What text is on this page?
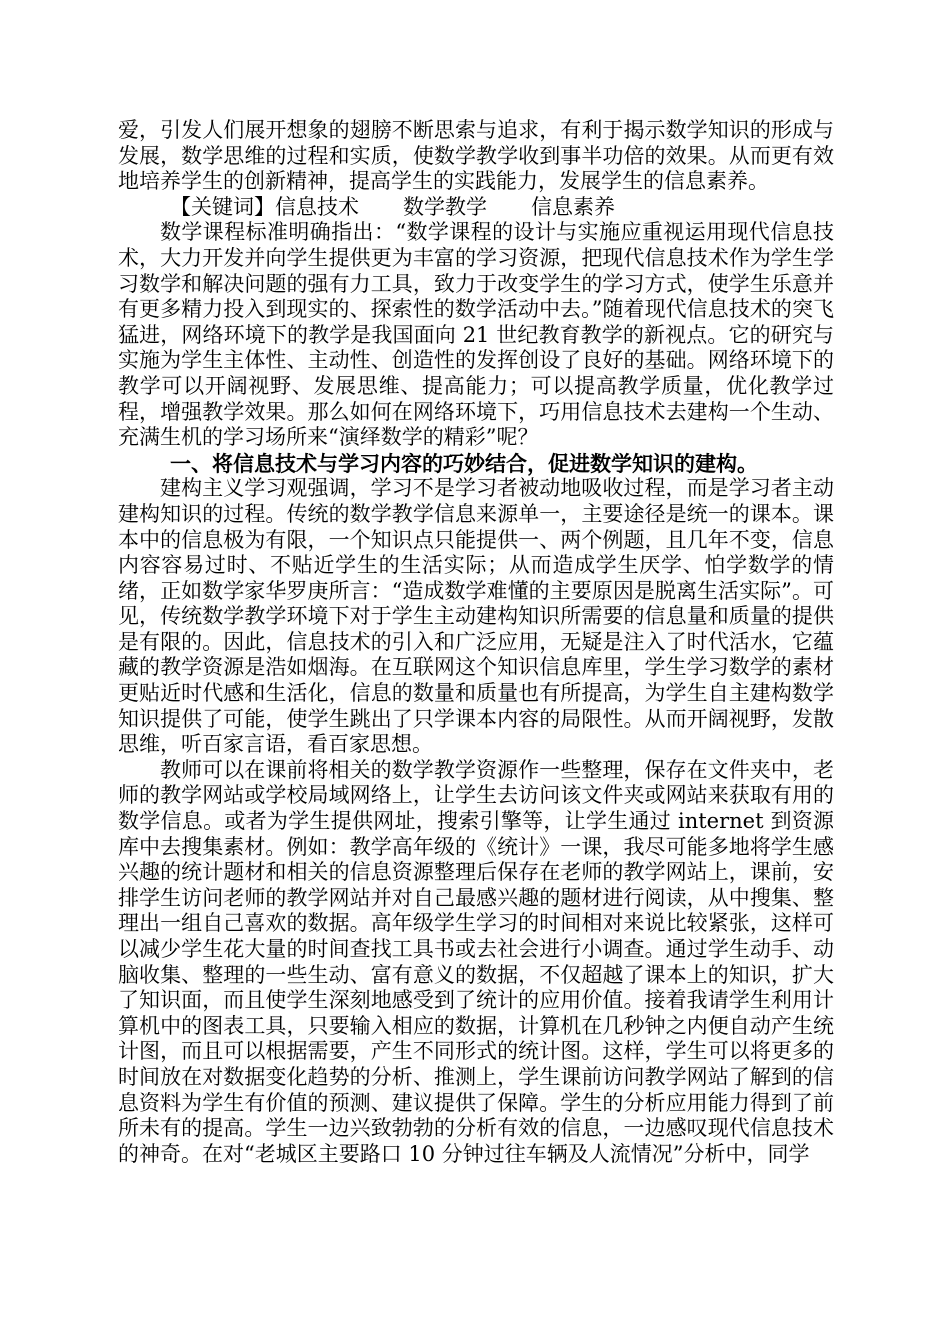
爱，引发人们展开想象的翅膀不断思索与追求，有利于揭示数学知识的形成与发展，数学思维的过程和实质，使数学教学收到事半功倍的效果。从而更有效地培养学生的创新精神，提高学生的实践能力，发展学生的信息素养。

【关键词】信息技术 数学教学 信息素养

数学课程标准明确指出：“数学课程的设计与实施应重视运用现代信息技术，大力开发并向学生提供更为丰富的学习资源，把现代信息技术作为学生学习数学和解决问题的强有力工具，致力于改变学生的学习方式，使学生乐意并有更多精力投入到现实的、探索性的数学活动中去。”随着现代信息技术的突飞猛进，网络环境下的教学是我国面向 21 世纪教育教学的新视点。它的研究与实施为学生主体性、主动性、创造性的发挥创设了良好的基础。网络环境下的教学可以开阔视野、发展思维、提高能力；可以提高教学质量，优化教学过程，增强教学效果。那么如何在网络环境下，巧用信息技术去建构一个生动、充满生机的学习场所来“演绎数学的精彩”呢？

一、将信息技术与学习内容的巧妙结合，促进数学知识的建构。

建构主义学习观强调，学习不是学习者被动地吸收过程，而是学习者主动建构知识的过程。传统的数学教学信息来源单一，主要途径是统一的课本。课本中的信息极为有限，一个知识点只能提供一、两个例题，且几年不变，信息内容容易过时、不贴近学生的生活实际；从而造成学生厌学、怕学数学的情绪，正如数学家华罗庚所言：“造成数学难懂的主要原因是脱离生活实际”。可见，传统数学教学环境下对于学生主动建构知识所需要的信息量和质量的提供是有限的。因此，信息技术的引入和广泛应用，无疑是注入了时代活水，它蕴藏的教学资源是浩如烟海。在互联网这个知识信息库里，学生学习数学的素材更贴近时代感和生活化，信息的数量和质量也有所提高，为学生自主建构数学知识提供了可能，使学生跳出了只学课本内容的局限性。从而开阔视野，发散思维，听百家言语，看百家思想。

教师可以在课前将相关的数学教学资源作一些整理，保存在文件夹中，老师的教学网站或学校局域网络上，让学生去访问该文件夹或网站来获取有用的数学信息。或者为学生提供网址，搜索引擎等，让学生通过 internet 到资源库中去搜集素材。例如：教学高年级的《统计》一课，我尽可能多地将学生感兴趣的统计题材和相关的信息资源整理后保存在老师的教学网站上，课前，安排学生访问老师的教学网站并对自己最感兴趣的题材进行阅读，从中搜集、整理出一组自己喜欢的数据。高年级学生学习的时间相对来说比较紧张，这样可以减少学生花大量的时间查找工具书或去社会进行小调查。通过学生动手、动脑收集、整理的一些生动、富有意义的数据，不仅超越了课本上的知识，扩大了知识面，而且使学生深刻地感受到了统计的应用价值。接着我请学生利用计算机中的图表工具，只要输入相应的数据，计算机在几秒钟之内便自动产生统计图，而且可以根据需要，产生不同形式的统计图。这样，学生可以将更多的时间放在对数据变化趋势的分析、推测上，学生课前访问教学网站了解到的信息资料为学生有价值的预测、建议提供了保障。学生的分析应用能力得到了前所未有的提高。学生一边兴致勃勃的分析有效的信息，一边感叹现代信息技术的神奇。在对“老城区主要路口 10 分钟过往车辆及人流情况”分析中，同学
